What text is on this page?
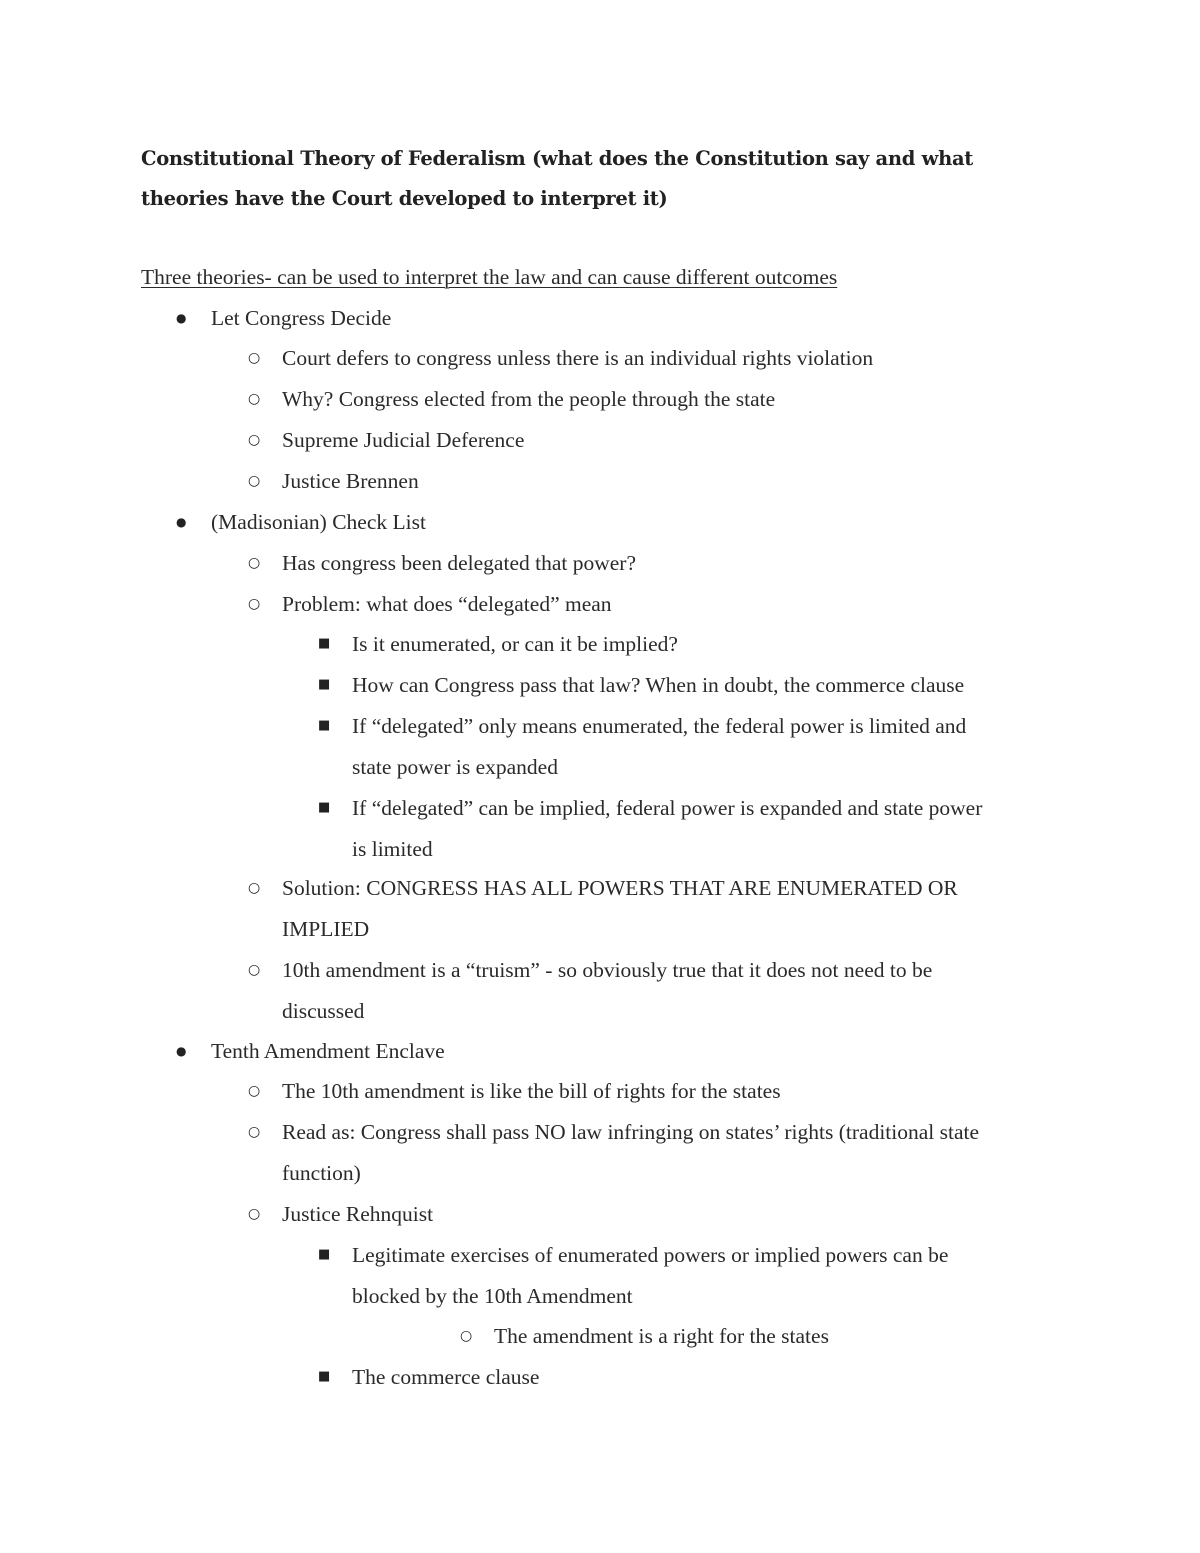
Constitutional Theory of Federalism (what does the Constitution say and what theories have the Court developed to interpret it)
Three theories- can be used to interpret the law and can cause different outcomes
● Let Congress Decide
○ Court defers to congress unless there is an individual rights violation
○ Why? Congress elected from the people through the state
○ Supreme Judicial Deference
○ Justice Brennen
● (Madisonian) Check List
○ Has congress been delegated that power?
○ Problem: what does “delegated” mean
■ Is it enumerated, or can it be implied?
■ How can Congress pass that law? When in doubt, the commerce clause
■ If “delegated” only means enumerated, the federal power is limited and
state power is expanded
■ If “delegated” can be implied, federal power is expanded and state power
is limited
○ Solution: CONGRESS HAS ALL POWERS THAT ARE ENUMERATED OR
IMPLIED
○ 10th amendment is a “truism” - so obviously true that it does not need to be
discussed
● Tenth Amendment Enclave
○ The 10th amendment is like the bill of rights for the states
○ Read as: Congress shall pass NO law infringing on states’ rights (traditional state
function)
○ Justice Rehnquist
■ Legitimate exercises of enumerated powers or implied powers can be
blocked by the 10th Amendment
○ The amendment is a right for the states
■ The commerce clause
